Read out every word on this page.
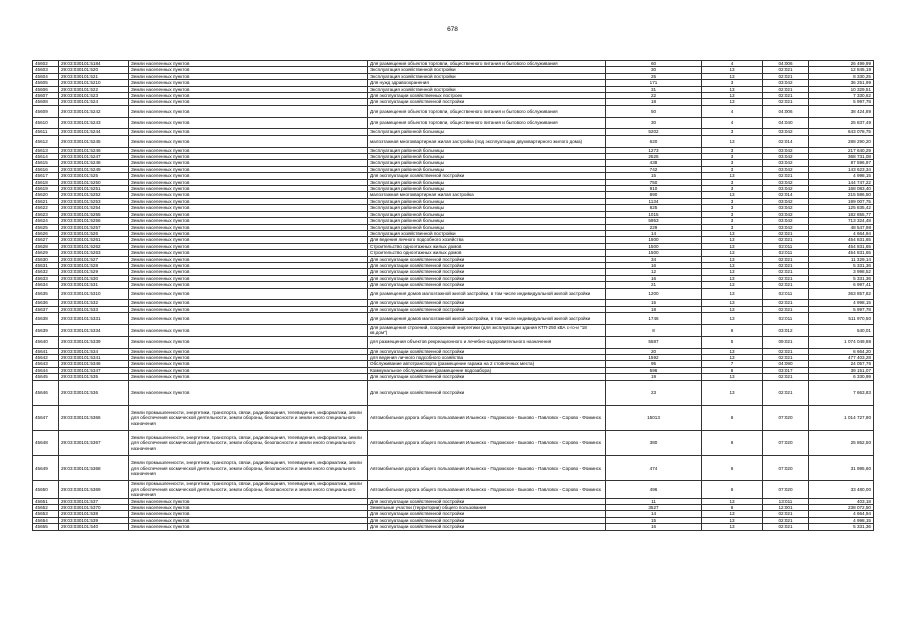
678
45602	29:03:030101:5184	Земли населенных пунктов	Для размещения объектов торговли, общественного питания и бытового обслуживания	60	4	04:006	26 499,99
45603	29:03:030101:520	Земли населенных пунктов	Эксплуатация хозяйственной постройки	30	13	02:021	12 845,19
45604	29:03:030101:521	Земли населенных пунктов	Эксплуатация хозяйственной постройки	25	13	02:021	8 330,25
45605	29:03:030101:5210	Земли населенных пунктов	Для нужд здравоохранения	171	3	03:042	36 251,99
45606	29:03:030101:522	Земли населенных пунктов	Эксплуатация хозяйственной постройки	31	13	02:021	10 329,51
45607	29:03:030101:523	Земли населенных пунктов	Для эксплуатации хозяйственных построек	22	13	02:021	7 330,62
45608	29:03:030101:524	Земли населенных пунктов	Для эксплуатации хозяйственной постройки	18	13	02:021	5 997,78
45609	29:03:030101:5242	Земли населенных пунктов	Для размещения объектов торговли, общественного питания и бытового обслуживания	50	4	04:006	38 424,89
45610	29:03:030101:5243	Земли населенных пунктов	Для размещения объектов торговли, общественного питания и бытового обслуживания	30	4	04:040	25 837,49
45611	29:03:030101:5244	Земли населенных пунктов	Эксплуатация районной больницы	5202	3	03:042	643 078,75
45612	29:03:030101:5245	Земли населенных пунктов	малоэтажная многоквартирная жилая застройка (под эксплуатацию двухквартирного жилого дома)	620	13	02:014	288 290,20
45613	29:03:030101:5246	Земли населенных пунктов	Эксплуатация районной больницы	1273	3	03:042	217 640,29
45614	29:03:030101:5247	Земли населенных пунктов	Эксплуатация районной больницы	2525	3	03:042	368 731,08
45615	29:03:030101:5248	Земли населенных пунктов	Эксплуатация районной больницы	438	3	03:042	87 596,97
45616	29:03:030101:5249	Земли населенных пунктов	Эксплуатация районной больницы	742	3	03:042	143 623,34
45617	29:03:030101:525	Земли населенных пунктов	Для эксплуатации хозяйственной постройки	15	13	02:021	4 998,15
45618	29:03:030101:5250	Земли населенных пунктов	Эксплуатация районной больницы	750	3	03:042	144 747,22
45619	29:03:030101:5251	Земли населенных пунктов	Эксплуатация районной больницы	910	3	03:042	168 083,40
45620	29:03:030101:5252	Земли населенных пунктов	малоэтажная многоквартирная жилая застройка	890	13	02:014	215 586,50
45621	29:03:030101:5253	Земли населенных пунктов	Эксплуатация районной больницы	1134	3	03:042	199 007,75
45622	29:03:030101:5254	Земли населенных пунктов	Эксплуатация районной больницы	825	3	03:042	125 835,42
45623	29:03:030101:5255	Земли населенных пунктов	Эксплуатация районной больницы	1015	3	03:042	182 855,77
45624	29:03:030101:5256	Земли населенных пунктов	Эксплуатация районной больницы	5953	3	03:042	713 324,48
45625	29:03:030101:5257	Земли населенных пунктов	Эксплуатация районной больницы	229	3	03:042	48 547,98
45626	29:03:030101:526	Земли населенных пунктов	Эксплуатация хозяйственной постройки	14	13	02:021	4 664,94
45627	29:03:030101:5261	Земли населенных пунктов	Для ведения личного подсобного хозяйства	1500	13	02:021	454 831,65
45628	29:03:030101:5262	Земли населенных пунктов	Строительство одноэтажных жилых домов	1500	13	02:011	454 831,65
45629	29:03:030101:5263	Земли населенных пунктов	Строительство одноэтажных жилых домов	1500	13	02:011	454 831,65
45630	29:03:030101:527	Земли населенных пунктов	Для эксплуатации хозяйственной постройки	34	13	02:021	11 329,14
45631	29:03:030101:528	Земли населенных пунктов	Для эксплуатации хозяйственной постройки	16	13	02:021	5 331,36
45632	29:03:030101:529	Земли населенных пунктов	Для эксплуатации хозяйственной постройки	12	13	02:021	3 998,52
45633	29:03:030101:530	Земли населенных пунктов	Для эксплуатации хозяйственной постройки	16	13	02:021	5 331,36
45634	29:03:030101:531	Земли населенных пунктов	Для эксплуатации хозяйственной постройки	21	13	02:021	6 997,41
45635	29:03:030101:5310	Земли населенных пунктов	Для размещения домов малоэтажной жилой застройки, в том числе индивидуальной жилой застройки	1200	13	02:011	363 857,82
45636	29:03:030101:532	Земли населенных пунктов	Для эксплуатации хозяйственной постройки	15	13	02:021	4 998,15
45637	29:03:030101:533	Земли населенных пунктов	Для эксплуатации хозяйственной постройки	18	13	02:021	5 997,78
45638	29:03:030101:5331	Земли населенных пунктов	Для размещения домов малоэтажной жилой застройки, в том числе индивидуальной жилой застройки	1746	13	02:011	511 970,50
45639	29:03:030101:5334	Земли населенных пунктов	Для размещения строений, сооружений энергетики (для эксплуатации здания КТП-250 кВА с-го-и "18 кв.дом")	8	6	03:012	540,01
45640	29:03:030101:5339	Земли населенных пунктов	для размещения объектов рекреационного и лечебно-оздоровительного назначения	5587	5	09:021	1 074 049,88
45641	29:03:030101:534	Земли населенных пунктов	Для эксплуатации хозяйственной постройки	20	13	02:021	6 664,20
45642	29:03:030101:5341	Земли населенных пунктов	для ведения личного подсобного хозяйства	1592	13	02:021	477 403,28
45643	29:03:030101:5346	Земли населенных пунктов	Обслуживание автотранспорта (размещение гаража на 2 стояночных места)	95	7	04:090	24 057,76
45644	29:03:030101:5347	Земли населенных пунктов	Коммунальное обслуживание (размещение водозабора)	596	6	03:017	39 151,07
45645	29:03:030101:535	Земли населенных пунктов	Для эксплуатации хозяйственной постройки	19	13	02:021	6 330,99
45646	29:03:030101:536	Земли населенных пунктов	Для эксплуатации хозяйственной постройки	23	13	02:021	7 663,83
45647	29:03:030101:5366	Земли промышленности, энергетики, транспорта, связи, радиовещания, телевидения, информатики, земли для обеспечения космической деятельности, земли обороны, безопасности и земли иного специального назначения	Автомобильная дорога общего пользования Ильинско - Подомское - Быково - Павловск - Сорово - Фоминск	15013	6	07:020	1 014 727,80
45648	29:03:030101:5367	Земли промышленности, энергетики, транспорта, связи, радиовещания, телевидения, информатики, земли для обеспечения космической деятельности, земли обороны, безопасности и земли иного специального назначения	Автомобильная дорога общего пользования Ильинско - Подомское - Быково - Павловск - Сорово - Фоминск	380	6	07:020	25 852,50
45649	29:03:030101:5368	Земли промышленности, энергетики, транспорта, связи, радиовещания, телевидения, информатики, земли для обеспечения космической деятельности, земли обороны, безопасности и земли иного специального назначения	Автомобильная дорога общего пользования Ильинско - Подомское - Быково - Павловск - Сорово - Фоминск	474	6	07:020	31 995,60
45650	29:03:030101:5369	Земли промышленности, энергетики, транспорта, связи, радиовещания, телевидения, информатики, земли для обеспечения космической деятельности, земли обороны, безопасности и земли иного специального назначения	Автомобильная дорога общего пользования Ильинско - Подомское - Быково - Павловск - Сорово - Фоминск	496	6	07:020	33 480,00
45651	29:03:030101:537	Земли населенных пунктов	Для эксплуатации хозяйственной постройки	11	13	13:011	403,18
45652	29:03:030101:5370	Земли населенных пунктов	Земельные участки (территории) общего пользования	3527	6	12:001	238 072,50
45653	29:03:030101:538	Земли населенных пунктов	Для эксплуатации хозяйственной постройки	14	13	02:021	4 664,94
45654	29:03:030101:539	Земли населенных пунктов	Для эксплуатации хозяйственной постройки	15	13	02:021	4 998,15
45655	29:03:030101:540	Земли населенных пунктов	Для эксплуатации хозяйственной постройки	16	13	02:021	5 331,36
